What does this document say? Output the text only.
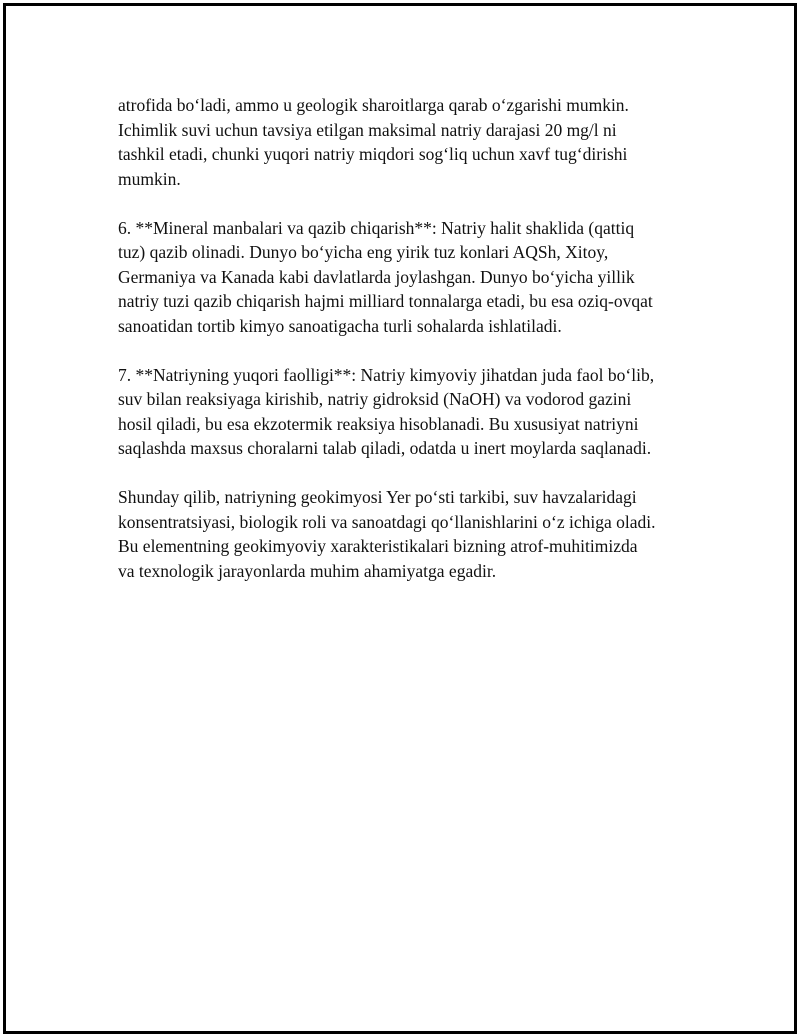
atrofida bo‘ladi, ammo u geologik sharoitlarga qarab o‘zgarishi mumkin.
Ichimlik suvi uchun tavsiya etilgan maksimal natriy darajasi 20 mg/l ni
tashkil etadi, chunki yuqori natriy miqdori sog‘liq uchun xavf tug‘dirishi
mumkin.

6. **Mineral manbalari va qazib chiqarish**: Natriy halit shaklida (qattiq
tuz) qazib olinadi. Dunyo bo‘yicha eng yirik tuz konlari AQSh, Xitoy,
Germaniya va Kanada kabi davlatlarda joylashgan. Dunyo bo‘yicha yillik
natriy tuzi qazib chiqarish hajmi milliard tonnalarga etadi, bu esa oziq-ovqat
sanoatidan tortib kimyo sanoatigacha turli sohalarda ishlatiladi.

7. **Natriyning yuqori faolligi**: Natriy kimyoviy jihatdan juda faol bo‘lib,
suv bilan reaksiyaga kirishib, natriy gidroksid (NaOH) va vodorod gazini
hosil qiladi, bu esa ekzotermik reaksiya hisoblanadi. Bu xususiyat natriyni
saqlashda maxsus choralarni talab qiladi, odatda u inert moylarda saqlanadi.

Shunday qilib, natriyning geokimyosi Yer po‘sti tarkibi, suv havzalaridagi
konsentratsiyasi, biologik roli va sanoatdagi qo‘llanishlarini o‘z ichiga oladi.
Bu elementning geokimyoviy xarakteristikalari bizning atrof-muhitimizda
va texnologik jarayonlarda muhim ahamiyatga egadir.
